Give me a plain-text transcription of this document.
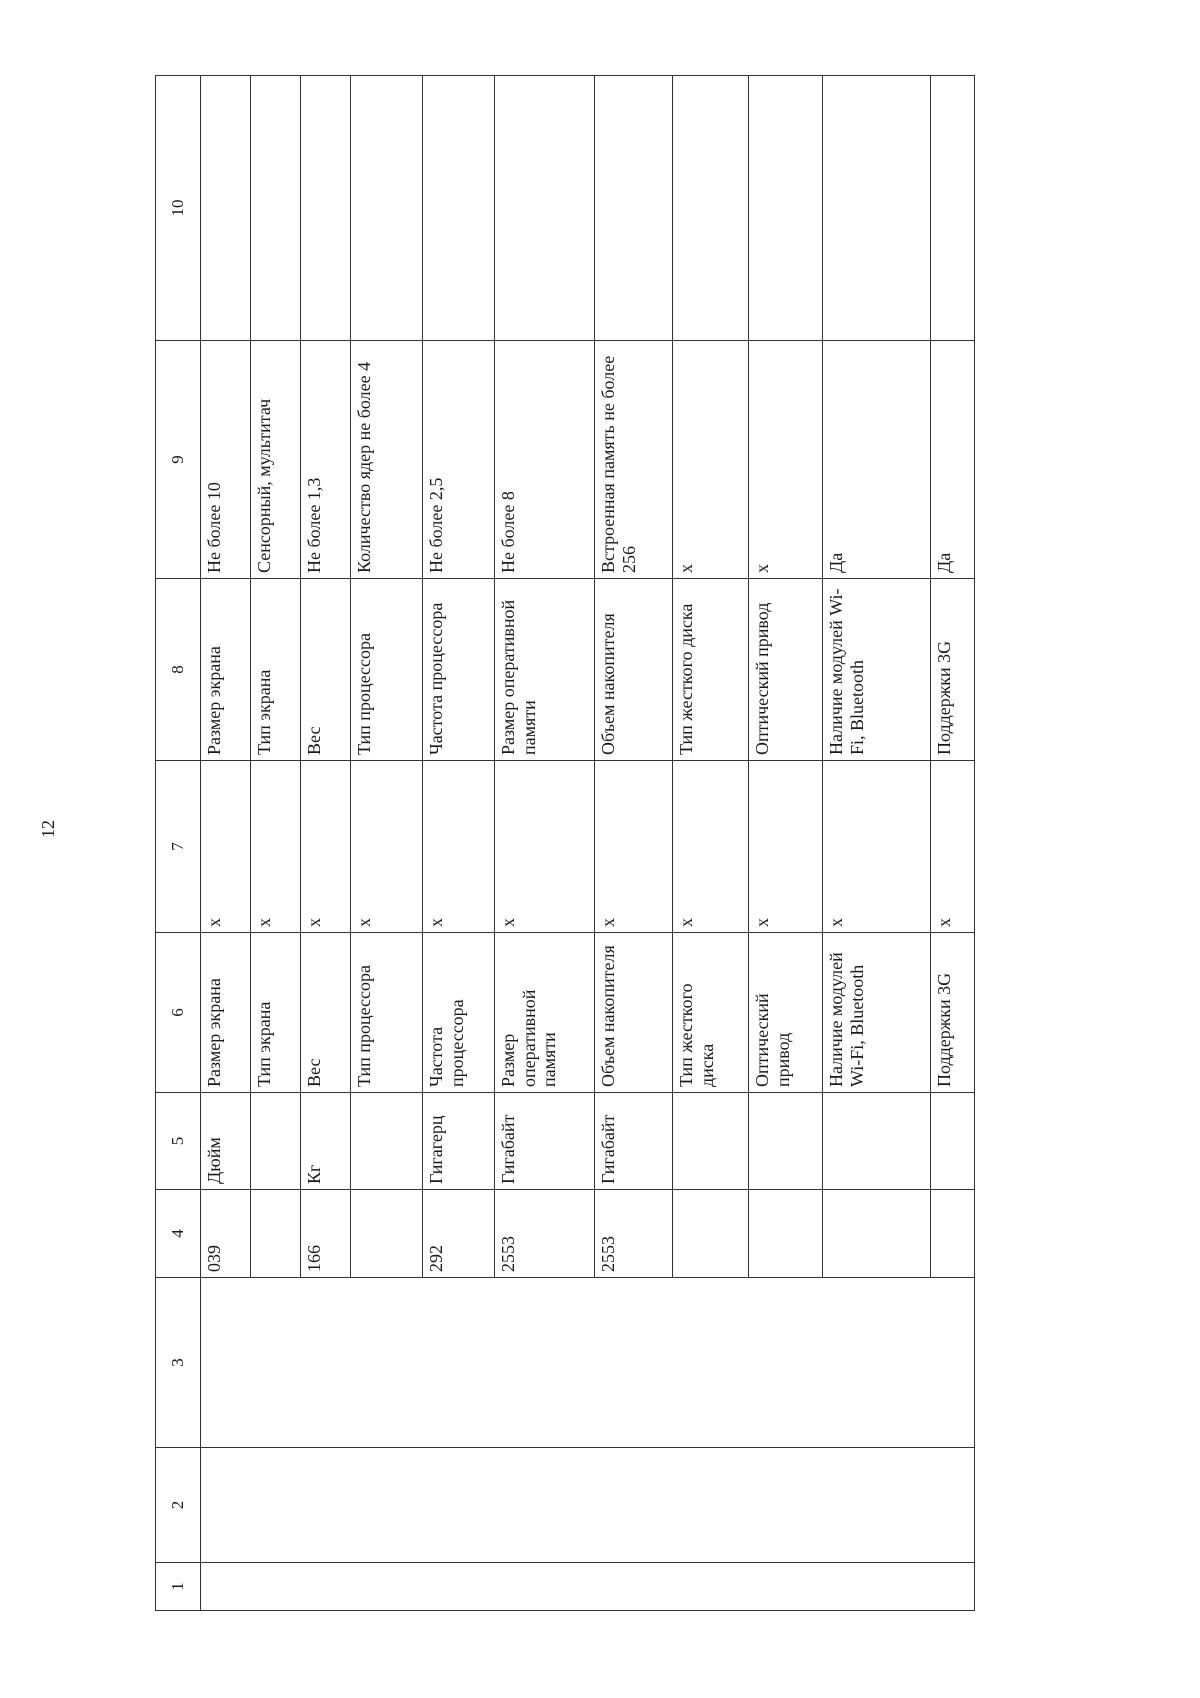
12
1	2	3	4	5	6	7	8	9	10
			039	Дюйм	Размер экрана	x	Размер экрана	Не более 10	
					Тип экрана	x	Тип экрана	Сенсорный, мультитач	
			166	Кг	Вес	x	Вес	Не более 1,3	
					Тип процессора	x	Тип процессора	Количество ядер не более 4	
			292	Гигагерц	Частота процессора	x	Частота процессора	Не более 2,5	
			2553	Гигабайт	Размер оперативной памяти	x	Размер оперативной памяти	Не более 8	
			2553	Гигабайт	Объем накопителя	x	Объем накопителя	Встроенная память не более 256	
					Тип жесткого диска	x	Тип жесткого диска	x	
					Оптический привод	x	Оптический привод	x	
					Наличие модулей Wi-Fi, Bluetooth	x	Наличие модулей Wi-Fi, Bluetooth	Да	
					Поддержки 3G	x	Поддержки 3G	Да	
